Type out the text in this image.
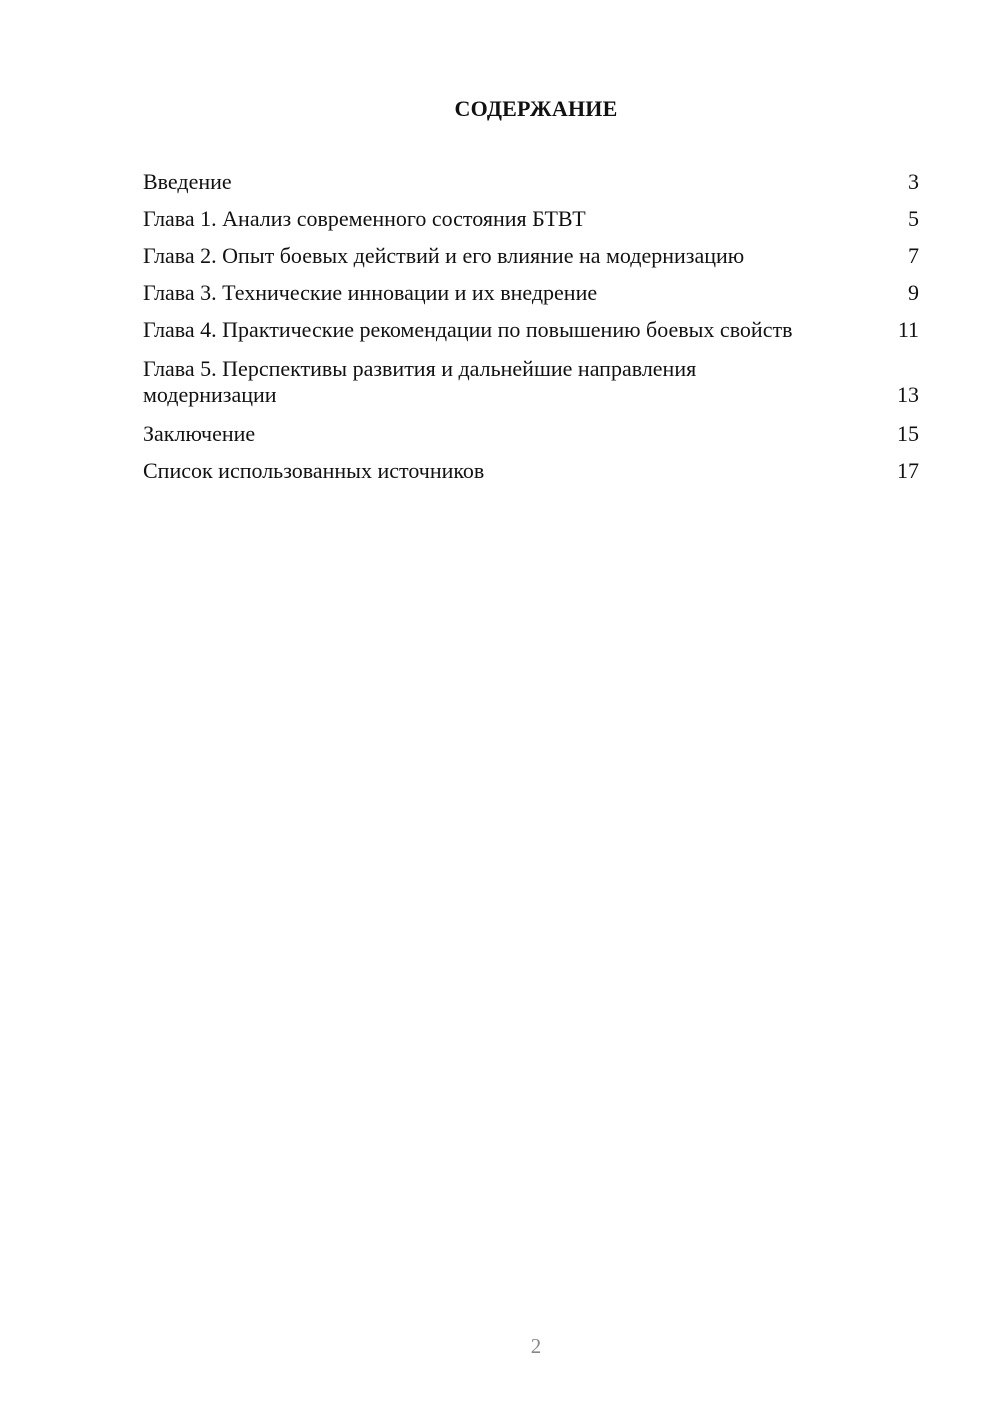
СОДЕРЖАНИЕ
Введение	3
Глава 1. Анализ современного состояния БТВТ	5
Глава 2. Опыт боевых действий и его влияние на модернизацию	7
Глава 3. Технические инновации и их внедрение	9
Глава 4. Практические рекомендации по повышению боевых свойств	11
Глава 5. Перспективы развития и дальнейшие направления модернизации	13
Заключение	15
Список использованных источников	17
2
